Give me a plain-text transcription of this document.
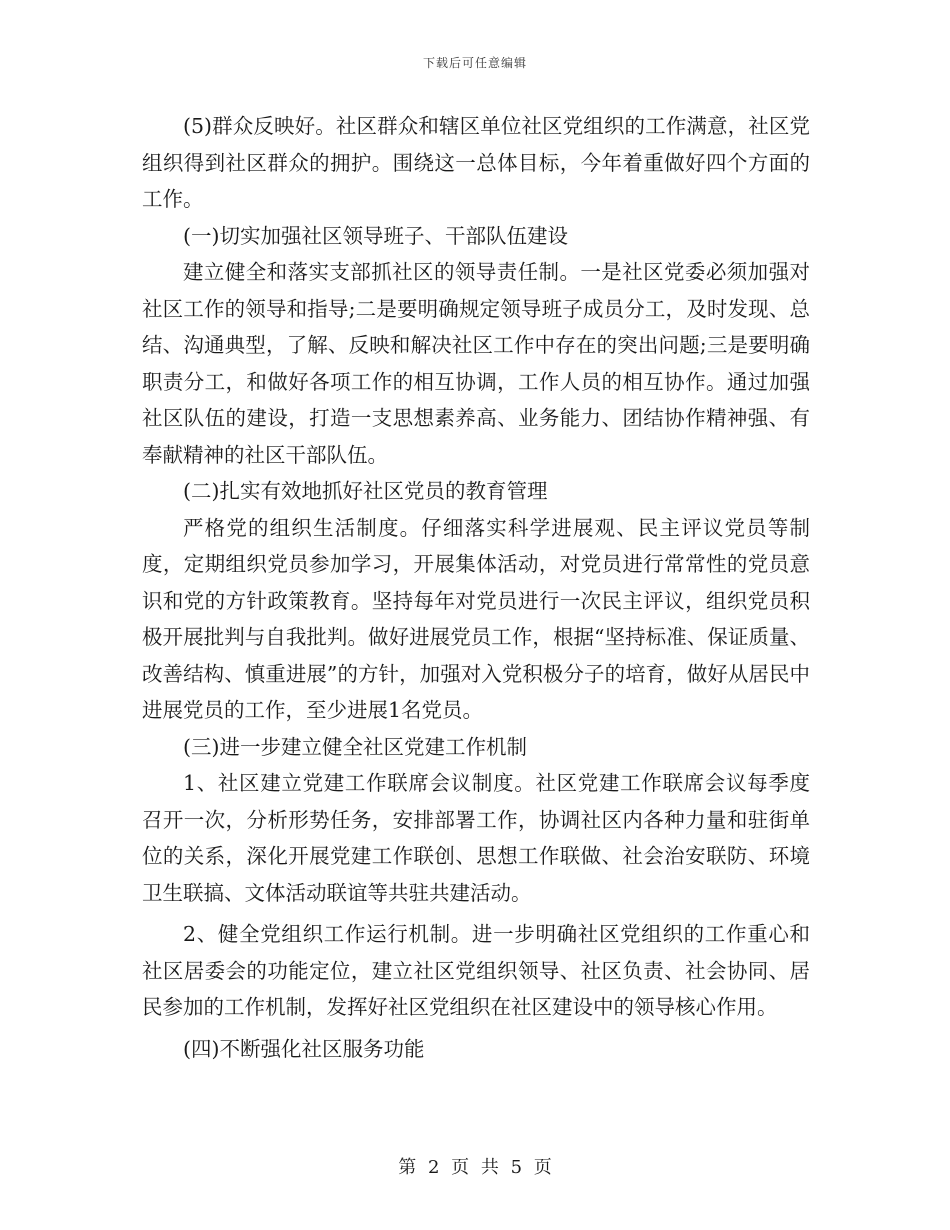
下载后可任意编辑

(5)群众反映好。社区群众和辖区单位社区党组织的工作满意，社区党组织得到社区群众的拥护。围绕这一总体目标，今年着重做好四个方面的工作。

(一)切实加强社区领导班子、干部队伍建设

建立健全和落实支部抓社区的领导责任制。一是社区党委必须加强对社区工作的领导和指导;二是要明确规定领导班子成员分工，及时发现、总结、沟通典型，了解、反映和解决社区工作中存在的突出问题;三是要明确职责分工，和做好各项工作的相互协调，工作人员的相互协作。通过加强社区队伍的建设，打造一支思想素养高、业务能力、团结协作精神强、有奉献精神的社区干部队伍。

(二)扎实有效地抓好社区党员的教育管理

严格党的组织生活制度。仔细落实科学进展观、民主评议党员等制度，定期组织党员参加学习，开展集体活动，对党员进行常常性的党员意识和党的方针政策教育。坚持每年对党员进行一次民主评议，组织党员积极开展批判与自我批判。做好进展党员工作，根据“坚持标准、保证质量、改善结构、慎重进展”的方针，加强对入党积极分子的培育，做好从居民中进展党员的工作，至少进展1名党员。

(三)进一步建立健全社区党建工作机制

1、社区建立党建工作联席会议制度。社区党建工作联席会议每季度召开一次，分析形势任务，安排部署工作，协调社区内各种力量和驻街单位的关系，深化开展党建工作联创、思想工作联做、社会治安联防、环境卫生联搞、文体活动联谊等共驻共建活动。

2、健全党组织工作运行机制。进一步明确社区党组织的工作重心和社区居委会的功能定位，建立社区党组织领导、社区负责、社会协同、居民参加的工作机制，发挥好社区党组织在社区建设中的领导核心作用。

(四)不断强化社区服务功能

第 2 页 共 5 页
